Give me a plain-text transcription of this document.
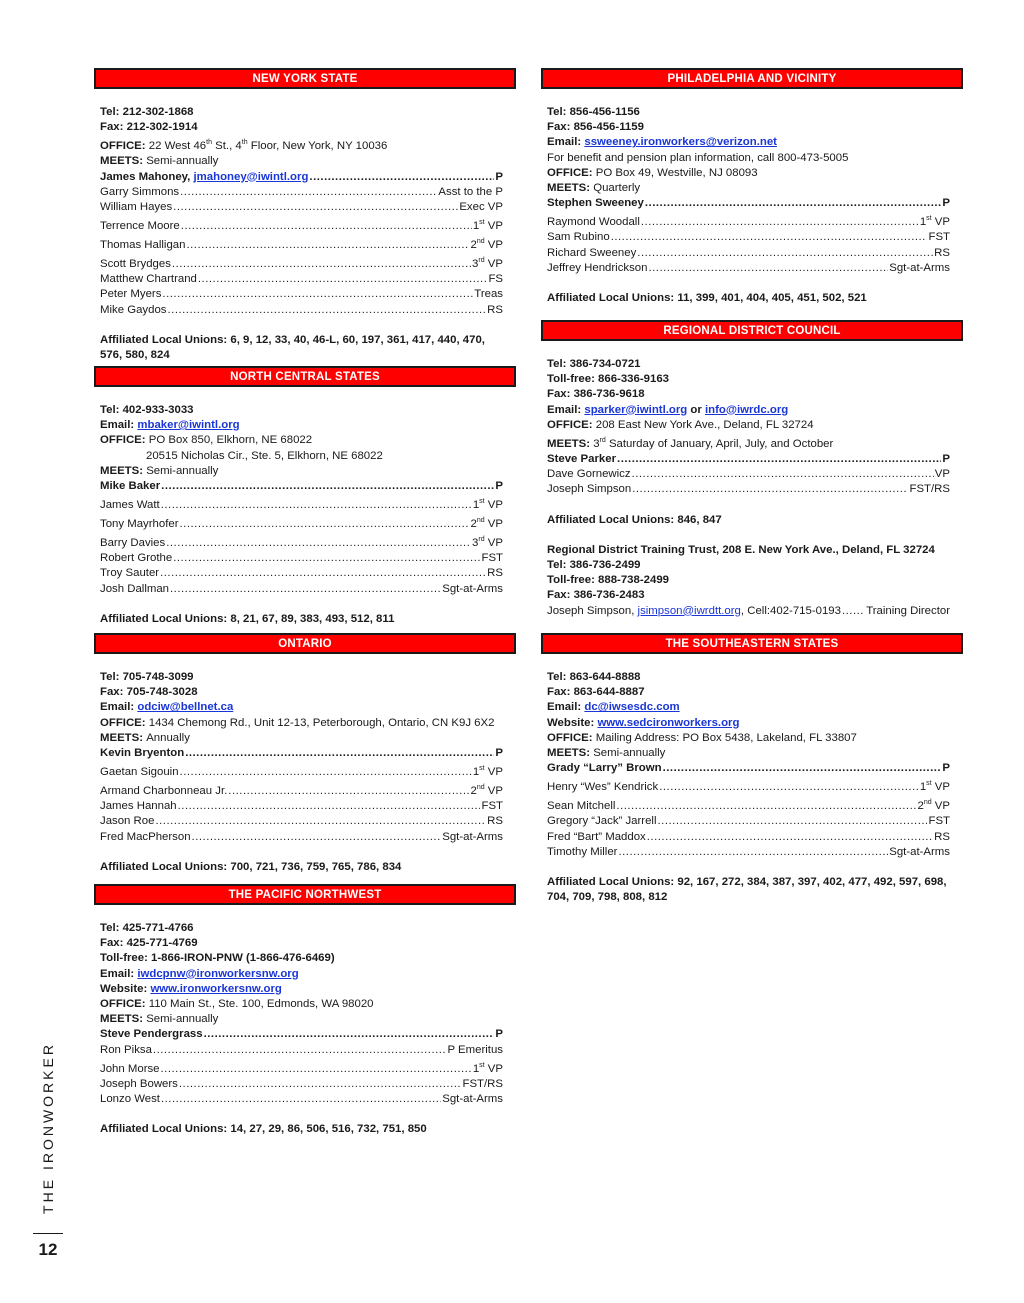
NEW YORK STATE
Tel: 212-302-1868
Fax: 212-302-1914
OFFICE: 22 West 46th St., 4th Floor, New York, NY 10036
MEETS: Semi-annually
James Mahoney, jmahoney@iwintl.org .....	P
Garry Simmons .....	Asst to the P
William Hayes .....	Exec VP
Terrence Moore .....	1st VP
Thomas Halligan .....	2nd VP
Scott Brydges .....	3rd VP
Matthew Chartrand .....	FS
Peter Myers .....	Treas
Mike Gaydos .....	RS
Affiliated Local Unions: 6, 9, 12, 33, 40, 46-L, 60, 197, 361, 417, 440, 470, 576, 580, 824
NORTH CENTRAL STATES
Tel: 402-933-3033
Email: mbaker@iwintl.org
OFFICE: PO Box 850, Elkhorn, NE 68022
20515 Nicholas Cir., Ste. 5, Elkhorn, NE 68022
MEETS: Semi-annually
Mike Baker .....	P
James Watt .....	1st VP
Tony Mayrhofer .....	2nd VP
Barry Davies .....	3rd VP
Robert Grothe .....	FST
Troy Sauter .....	RS
Josh Dallman .....	Sgt-at-Arms
Affiliated Local Unions: 8, 21, 67, 89, 383, 493, 512, 811
ONTARIO
Tel: 705-748-3099
Fax: 705-748-3028
Email: odciw@bellnet.ca
OFFICE: 1434 Chemong Rd., Unit 12-13, Peterborough, Ontario, CN K9J 6X2
MEETS: Annually
Kevin Bryenton .....	P
Gaetan Sigouin .....	1st VP
Armand Charbonneau Jr. .....	2nd VP
James Hannah .....	FST
Jason Roe .....	RS
Fred MacPherson .....	Sgt-at-Arms
Affiliated Local Unions: 700, 721, 736, 759, 765, 786, 834
THE PACIFIC NORTHWEST
Tel: 425-771-4766
Fax: 425-771-4769
Toll-free: 1-866-IRON-PNW (1-866-476-6469)
Email: iwdcpnw@ironworkersnw.org
Website: www.ironworkersnw.org
OFFICE: 110 Main St., Ste. 100, Edmonds, WA 98020
MEETS: Semi-annually
Steve Pendergrass .....	P
Ron Piksa .....	P Emeritus
John Morse .....	1st VP
Joseph Bowers .....	FST/RS
Lonzo West .....	Sgt-at-Arms
Affiliated Local Unions: 14, 27, 29, 86, 506, 516, 732, 751, 850
PHILADELPHIA AND VICINITY
Tel: 856-456-1156
Fax: 856-456-1159
Email: ssweeney.ironworkers@verizon.net
For benefit and pension plan information, call 800-473-5005
OFFICE: PO Box 49, Westville, NJ 08093
MEETS: Quarterly
Stephen Sweeney .....	P
Raymond Woodall .....	1st VP
Sam Rubino .....	FST
Richard Sweeney .....	RS
Jeffrey Hendrickson .....	Sgt-at-Arms
Affiliated Local Unions: 11, 399, 401, 404, 405, 451, 502, 521
REGIONAL DISTRICT COUNCIL
Tel: 386-734-0721
Toll-free: 866-336-9163
Fax: 386-736-9618
Email: sparker@iwintl.org or info@iwrdc.org
OFFICE: 208 East New York Ave., Deland, FL 32724
MEETS: 3rd Saturday of January, April, July, and October
Steve Parker .....	P
Dave Gornewicz .....	VP
Joseph Simpson .....	FST/RS
Affiliated Local Unions: 846, 847
Regional District Training Trust, 208 E. New York Ave., Deland, FL 32724
Tel: 386-736-2499
Toll-free: 888-738-2499
Fax: 386-736-2483
Joseph Simpson, jsimpson@iwrdtt.org, Cell:402-715-0193 ..... Training Director
THE SOUTHEASTERN STATES
Tel: 863-644-8888
Fax: 863-644-8887
Email: dc@iwsesdc.com
Website: www.sedcironworkers.org
OFFICE: Mailing Address: PO Box 5438, Lakeland, FL 33807
MEETS: Semi-annually
Grady “Larry” Brown .....	P
Henry “Wes” Kendrick .....	1st VP
Sean Mitchell .....	2nd VP
Gregory “Jack” Jarrell .....	FST
Fred “Bart” Maddox .....	RS
Timothy Miller .....	Sgt-at-Arms
Affiliated Local Unions: 92, 167, 272, 384, 387, 397, 402, 477, 492, 597, 698, 704, 709, 798, 808, 812
THE IRONWORKER
12
